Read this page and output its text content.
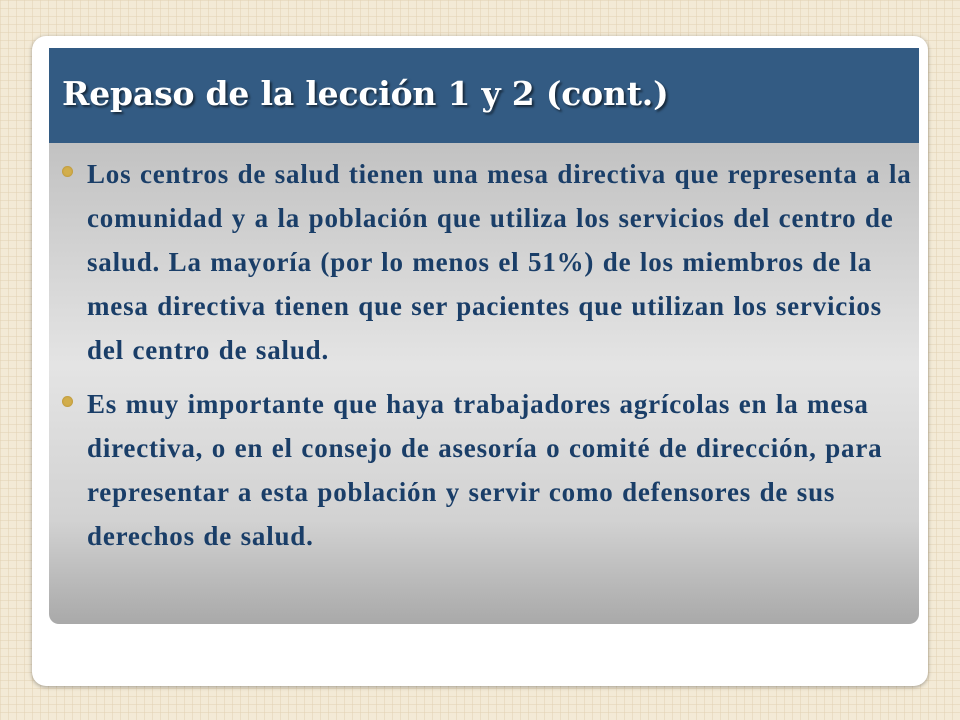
Repaso de la lección 1 y 2 (cont.)
Los centros de salud tienen una mesa directiva que representa a la comunidad y a la población que utiliza los servicios del centro de salud. La mayoría (por lo menos el 51%) de los miembros de la mesa directiva tienen que ser pacientes que utilizan los servicios del centro de salud.
Es muy importante que haya trabajadores agrícolas en la mesa directiva, o en el consejo de asesoría o comité de dirección, para representar a esta población y servir como defensores de sus derechos de salud.
